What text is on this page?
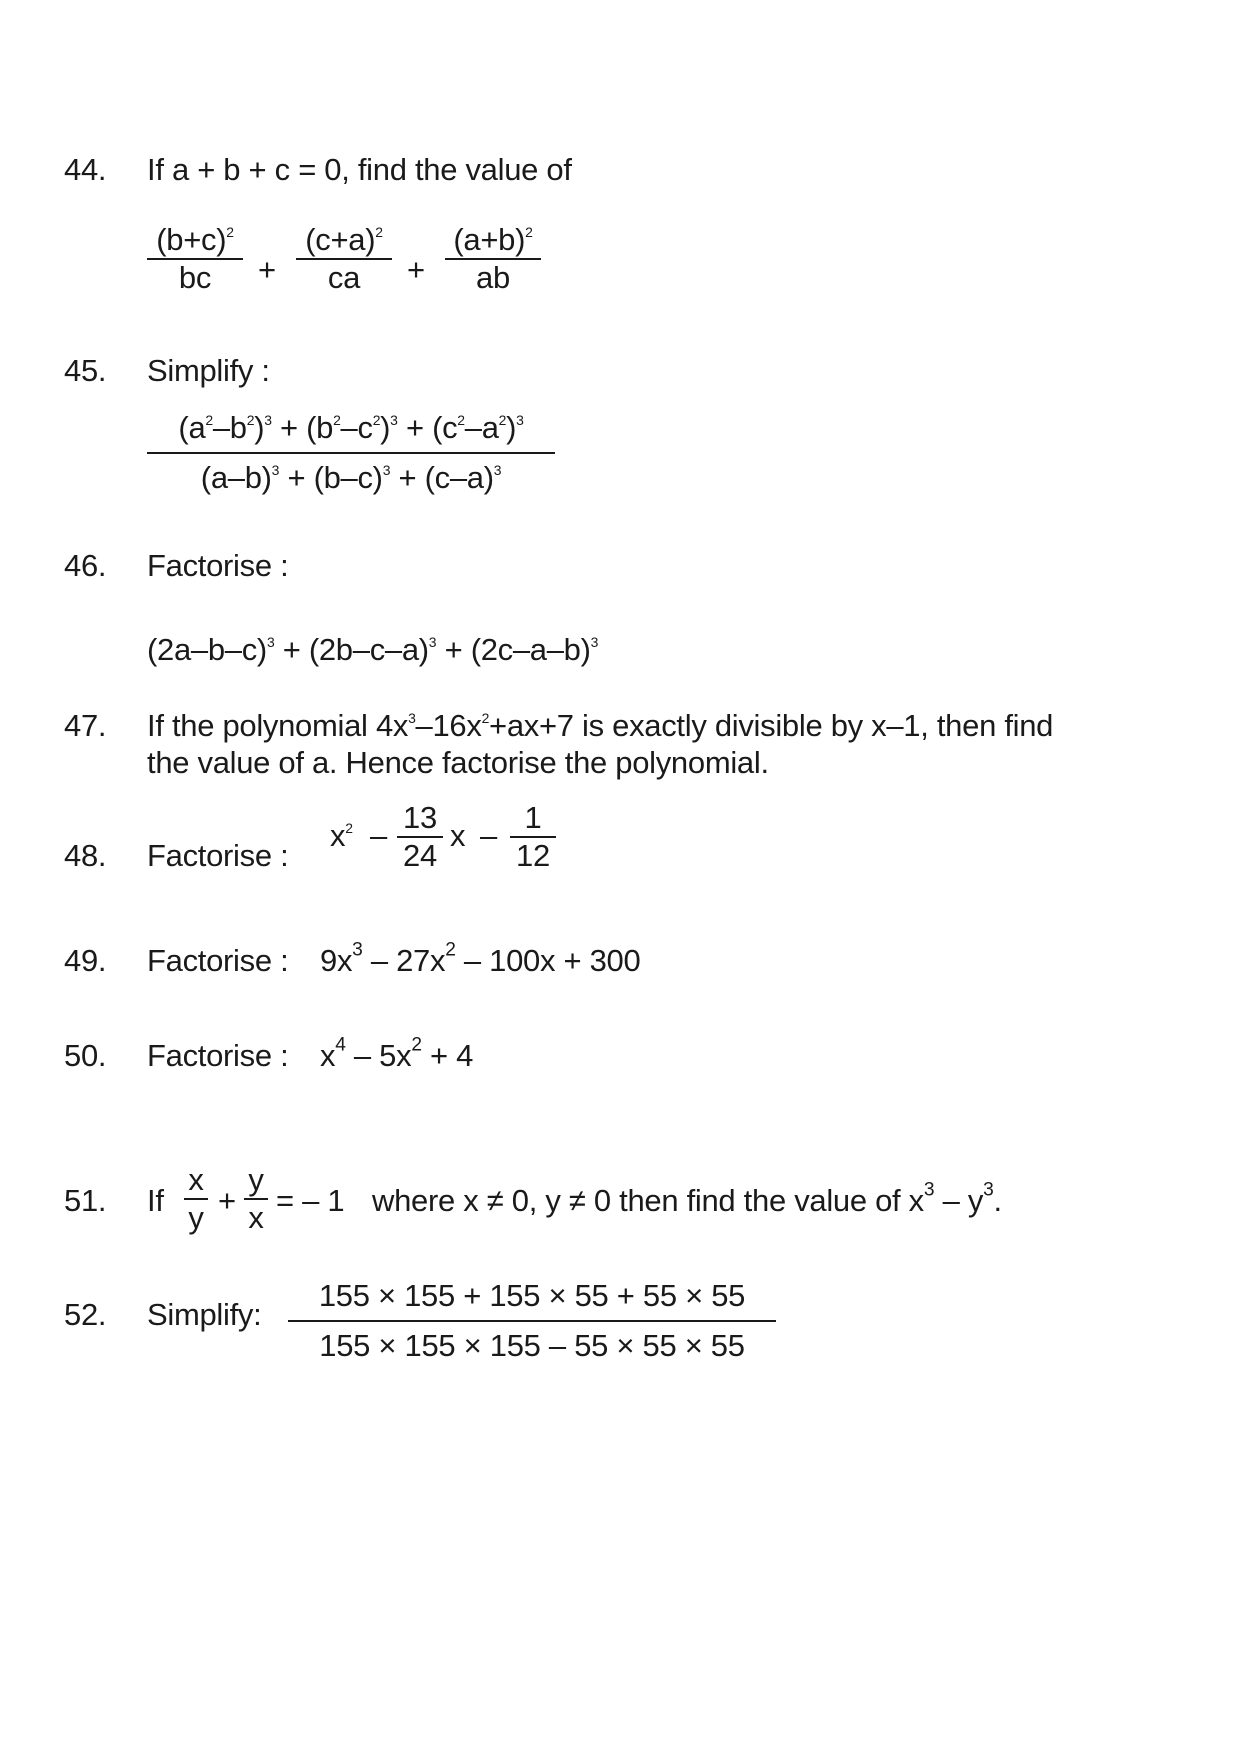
44. If a + b + c = 0, find the value of
$(b+c)^2$
bc	+
$(c+a)^2$
ca	+
$(a+b)^2$
ab
45. Simplify :
$(a^2-b^2)^3 + (b^2-c^2)^3 + (c^2-a^2)^3$
$(a-b)^3 + (b-c)^3 + (c-a)^3$
46. Factorise :
$(2a-b-c)^3 + (2b-c-a)^3 + (2c-a-b)^3$
47. If the polynomial $4x^3-16x^2+ax+7$ is exactly divisible by x–1, then find
the value of a. Hence factorise the polynomial.
48. Factorise :
$x^2$ –
13
24
x –
1
12
49. Factorise : $9x^3 - 27x^2 - 100x + 300$
50. Factorise : $x^4 - 5x^2 + 4$
51. If
x
y +
y
x = – 1 where x ≠ 0, y ≠ 0 then find the value of $x^3 - y^3$.
52. Simplify:
155 × 155 + 155 × 55 + 55 × 55
155 × 155 × 155 – 55 × 55 × 55
